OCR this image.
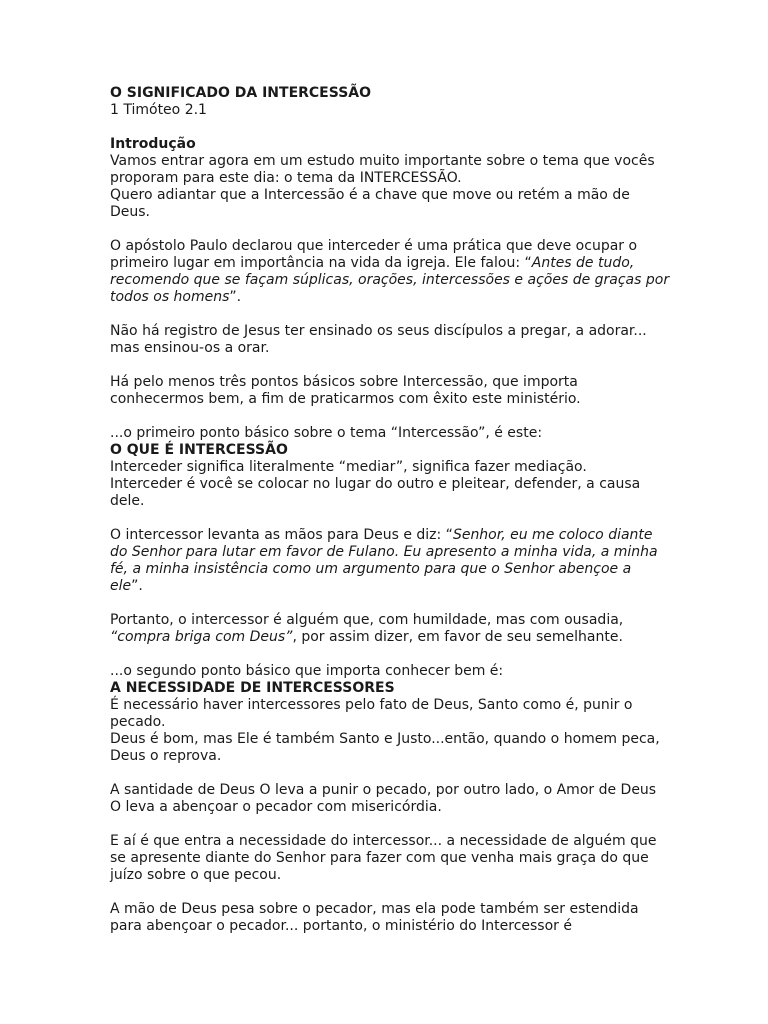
O SIGNIFICADO DA INTERCESSÃO
1 Timóteo 2.1
Introdução
Vamos entrar agora em um estudo muito importante sobre o tema que vocês
proporam para este dia: o tema da INTERCESSÃO.
Quero adiantar que a Intercessão é a chave que move ou retém a mão de
Deus.
O apóstolo Paulo declarou que interceder é uma prática que deve ocupar o
primeiro lugar em importância na vida da igreja. Ele falou: “Antes de tudo,
recomendo que se façam súplicas, orações, intercessões e ações de graças por
todos os homens”.
Não há registro de Jesus ter ensinado os seus discípulos a pregar, a adorar...
mas ensinou-os a orar.
Há pelo menos três pontos básicos sobre Intercessão, que importa
conhecermos bem, a fim de praticarmos com êxito este ministério.
...o primeiro ponto básico sobre o tema “Intercessão”, é este:
O QUE É INTERCESSÃO
Interceder significa literalmente “mediar”, significa fazer mediação.
Interceder é você se colocar no lugar do outro e pleitear, defender, a causa
dele.
O intercessor levanta as mãos para Deus e diz: “Senhor, eu me coloco diante
do Senhor para lutar em favor de Fulano. Eu apresento a minha vida, a minha
fé, a minha insistência como um argumento para que o Senhor abençoe a
ele”.
Portanto, o intercessor é alguém que, com humildade, mas com ousadia,
“compra briga com Deus”, por assim dizer, em favor de seu semelhante.
...o segundo ponto básico que importa conhecer bem é:
A NECESSIDADE DE INTERCESSORES
É necessário haver intercessores pelo fato de Deus, Santo como é, punir o
pecado.
Deus é bom, mas Ele é também Santo e Justo...então, quando o homem peca,
Deus o reprova.
A santidade de Deus O leva a punir o pecado, por outro lado, o Amor de Deus
O leva a abençoar o pecador com misericórdia.
E aí é que entra a necessidade do intercessor... a necessidade de alguém que
se apresente diante do Senhor para fazer com que venha mais graça do que
juízo sobre o que pecou.
A mão de Deus pesa sobre o pecador, mas ela pode também ser estendida
para abençoar o pecador... portanto, o ministério do Intercessor é
